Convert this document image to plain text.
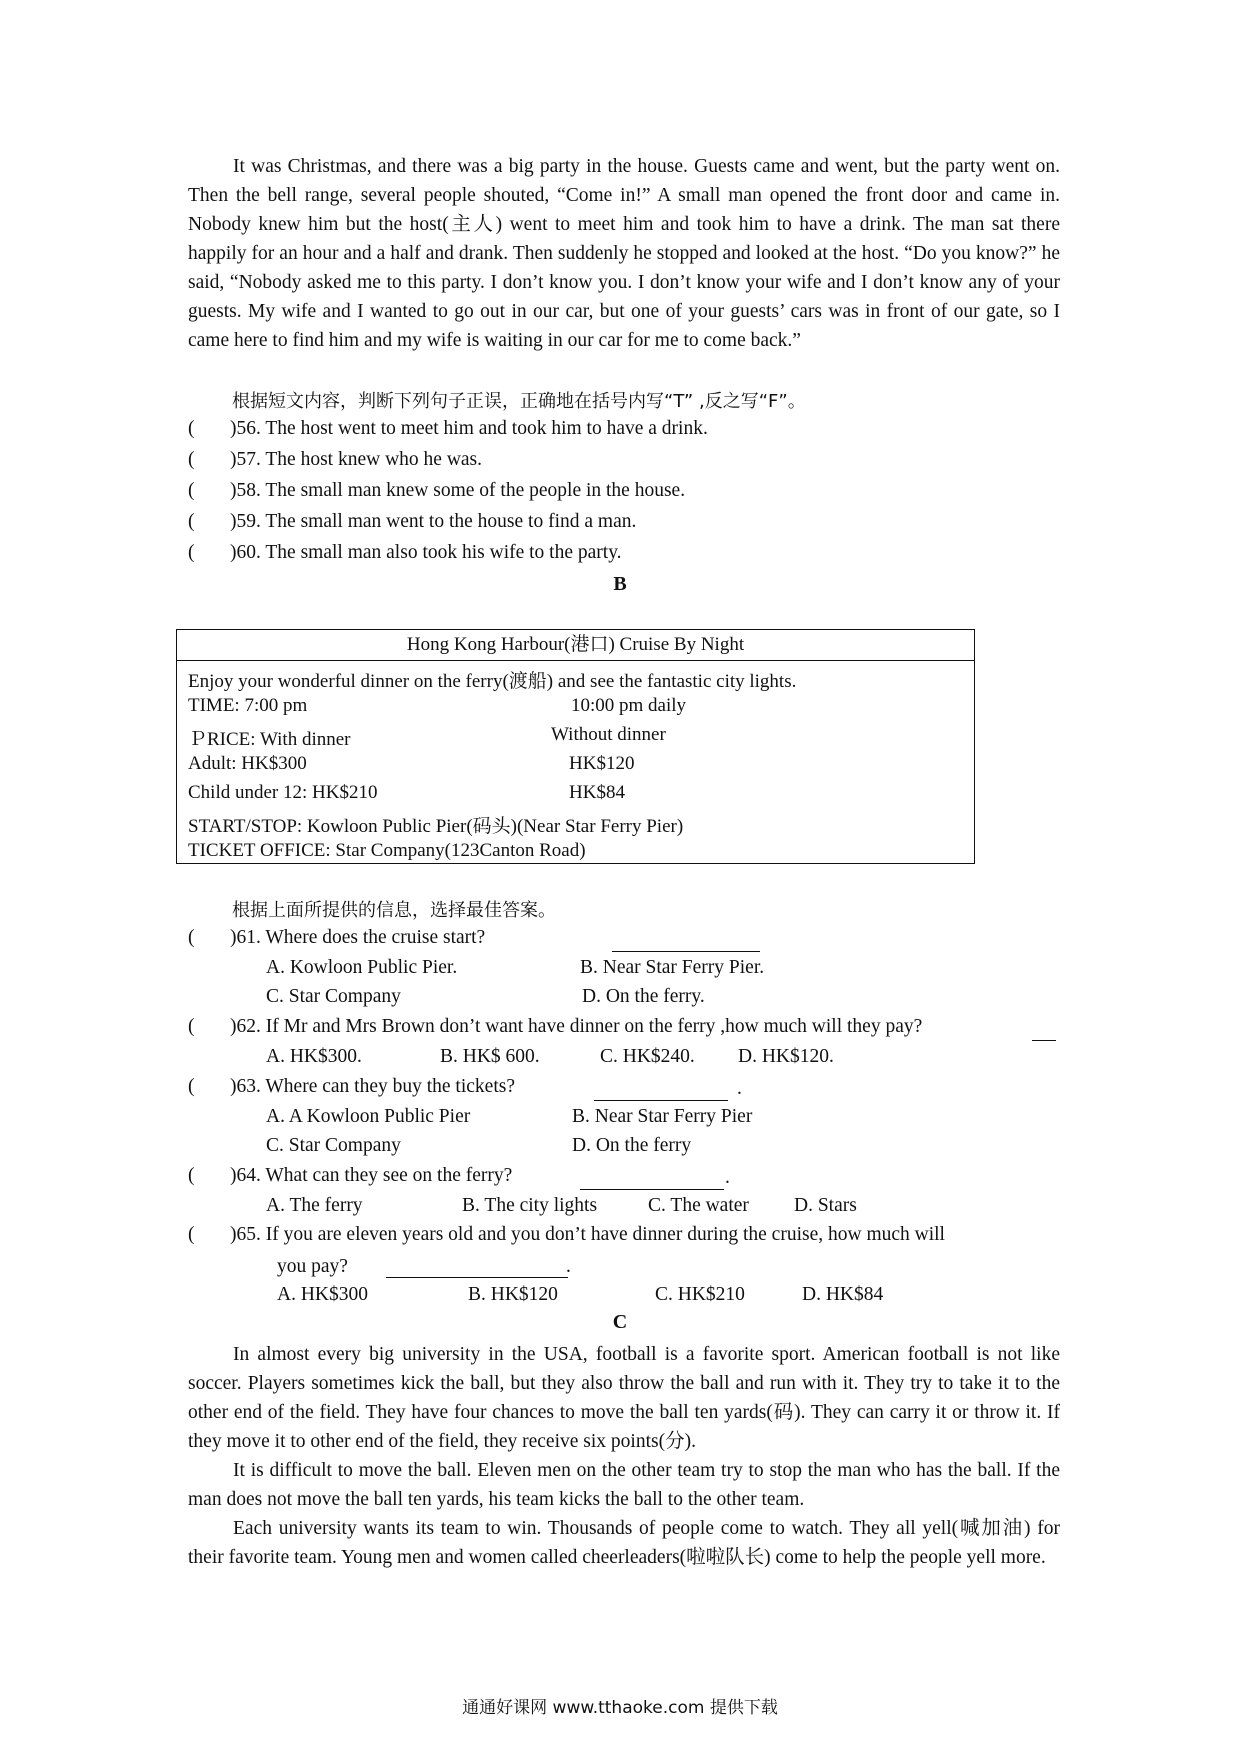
It was Christmas, and there was a big party in the house. Guests came and went, but the party went on. Then the bell range, several people shouted, “Come in!” A small man opened the front door and came in. Nobody knew him but the host(主人) went to meet him and took him to have a drink. The man sat there happily for an hour and a half and drank. Then suddenly he stopped and looked at the host. “Do you know?” he said, “Nobody asked me to this party. I don’t know you. I don’t know your wife and I don’t know any of your guests. My wife and I wanted to go out in our car, but one of your guests’ cars was in front of our gate, so I came here to find him and my wife is waiting in our car for me to come back.”

根据短文内容，判断下列句子正误，正确地在括号内写“T” ,反之写“F”。
( )56. The host went to meet him and took him to have a drink.
( )57. The host knew who he was.
( )58. The small man knew some of the people in the house.
( )59. The small man went to the house to find a man.
( )60. The small man also took his wife to the party.
B
Hong Kong Harbour(港口) Cruise By Night
Enjoy your wonderful dinner on the ferry(渡船) and see the fantastic city lights.
TIME: 7:00 pm	10:00 pm daily
ＰRICE: With dinner	Without dinner
Adult: HK$300	HK$120
Child under 12: HK$210	HK$84
START/STOP: Kowloon Public Pier(码头)(Near Star Ferry Pier)
TICKET OFFICE: Star Company(123Canton Road)
根据上面所提供的信息，选择最佳答案。
( )61. Where does the cruise start?
A. Kowloon Public Pier.	B. Near Star Ferry Pier.
C. Star Company	D. On the ferry.
( )62. If Mr and Mrs Brown don’t want have dinner on the ferry ,how much will they pay?
A. HK$300.	B. HK$ 600.	C. HK$240. D. HK$120.
( )63. Where can they buy the tickets?	.
A. A Kowloon Public Pier	B. Near Star Ferry Pier
C. Star Company	D. On the ferry
( )64. What can they see on the ferry?	.
A. The ferry	B. The city lights	C. The water D. Stars
( )65. If you are eleven years old and you don’t have dinner during the cruise, how much will
you pay?	.
A. HK$300	B. HK$120	C. HK$210	D. HK$84
C

In almost every big university in the USA, football is a favorite sport. American football is not like soccer. Players sometimes kick the ball, but they also throw the ball and run with it. They try to take it to the other end of the field. They have four chances to move the ball ten yards(码). They can carry it or throw it. If they move it to other end of the field, they receive six points(分).

It is difficult to move the ball. Eleven men on the other team try to stop the man who has the ball. If the man does not move the ball ten yards, his team kicks the ball to the other team.

Each university wants its team to win. Thousands of people come to watch. They all yell(喊加油) for their favorite team. Young men and women called cheerleaders(啦啦队长) come to help the people yell more.

通通好课网 www.tthaoke.com 提供下载
